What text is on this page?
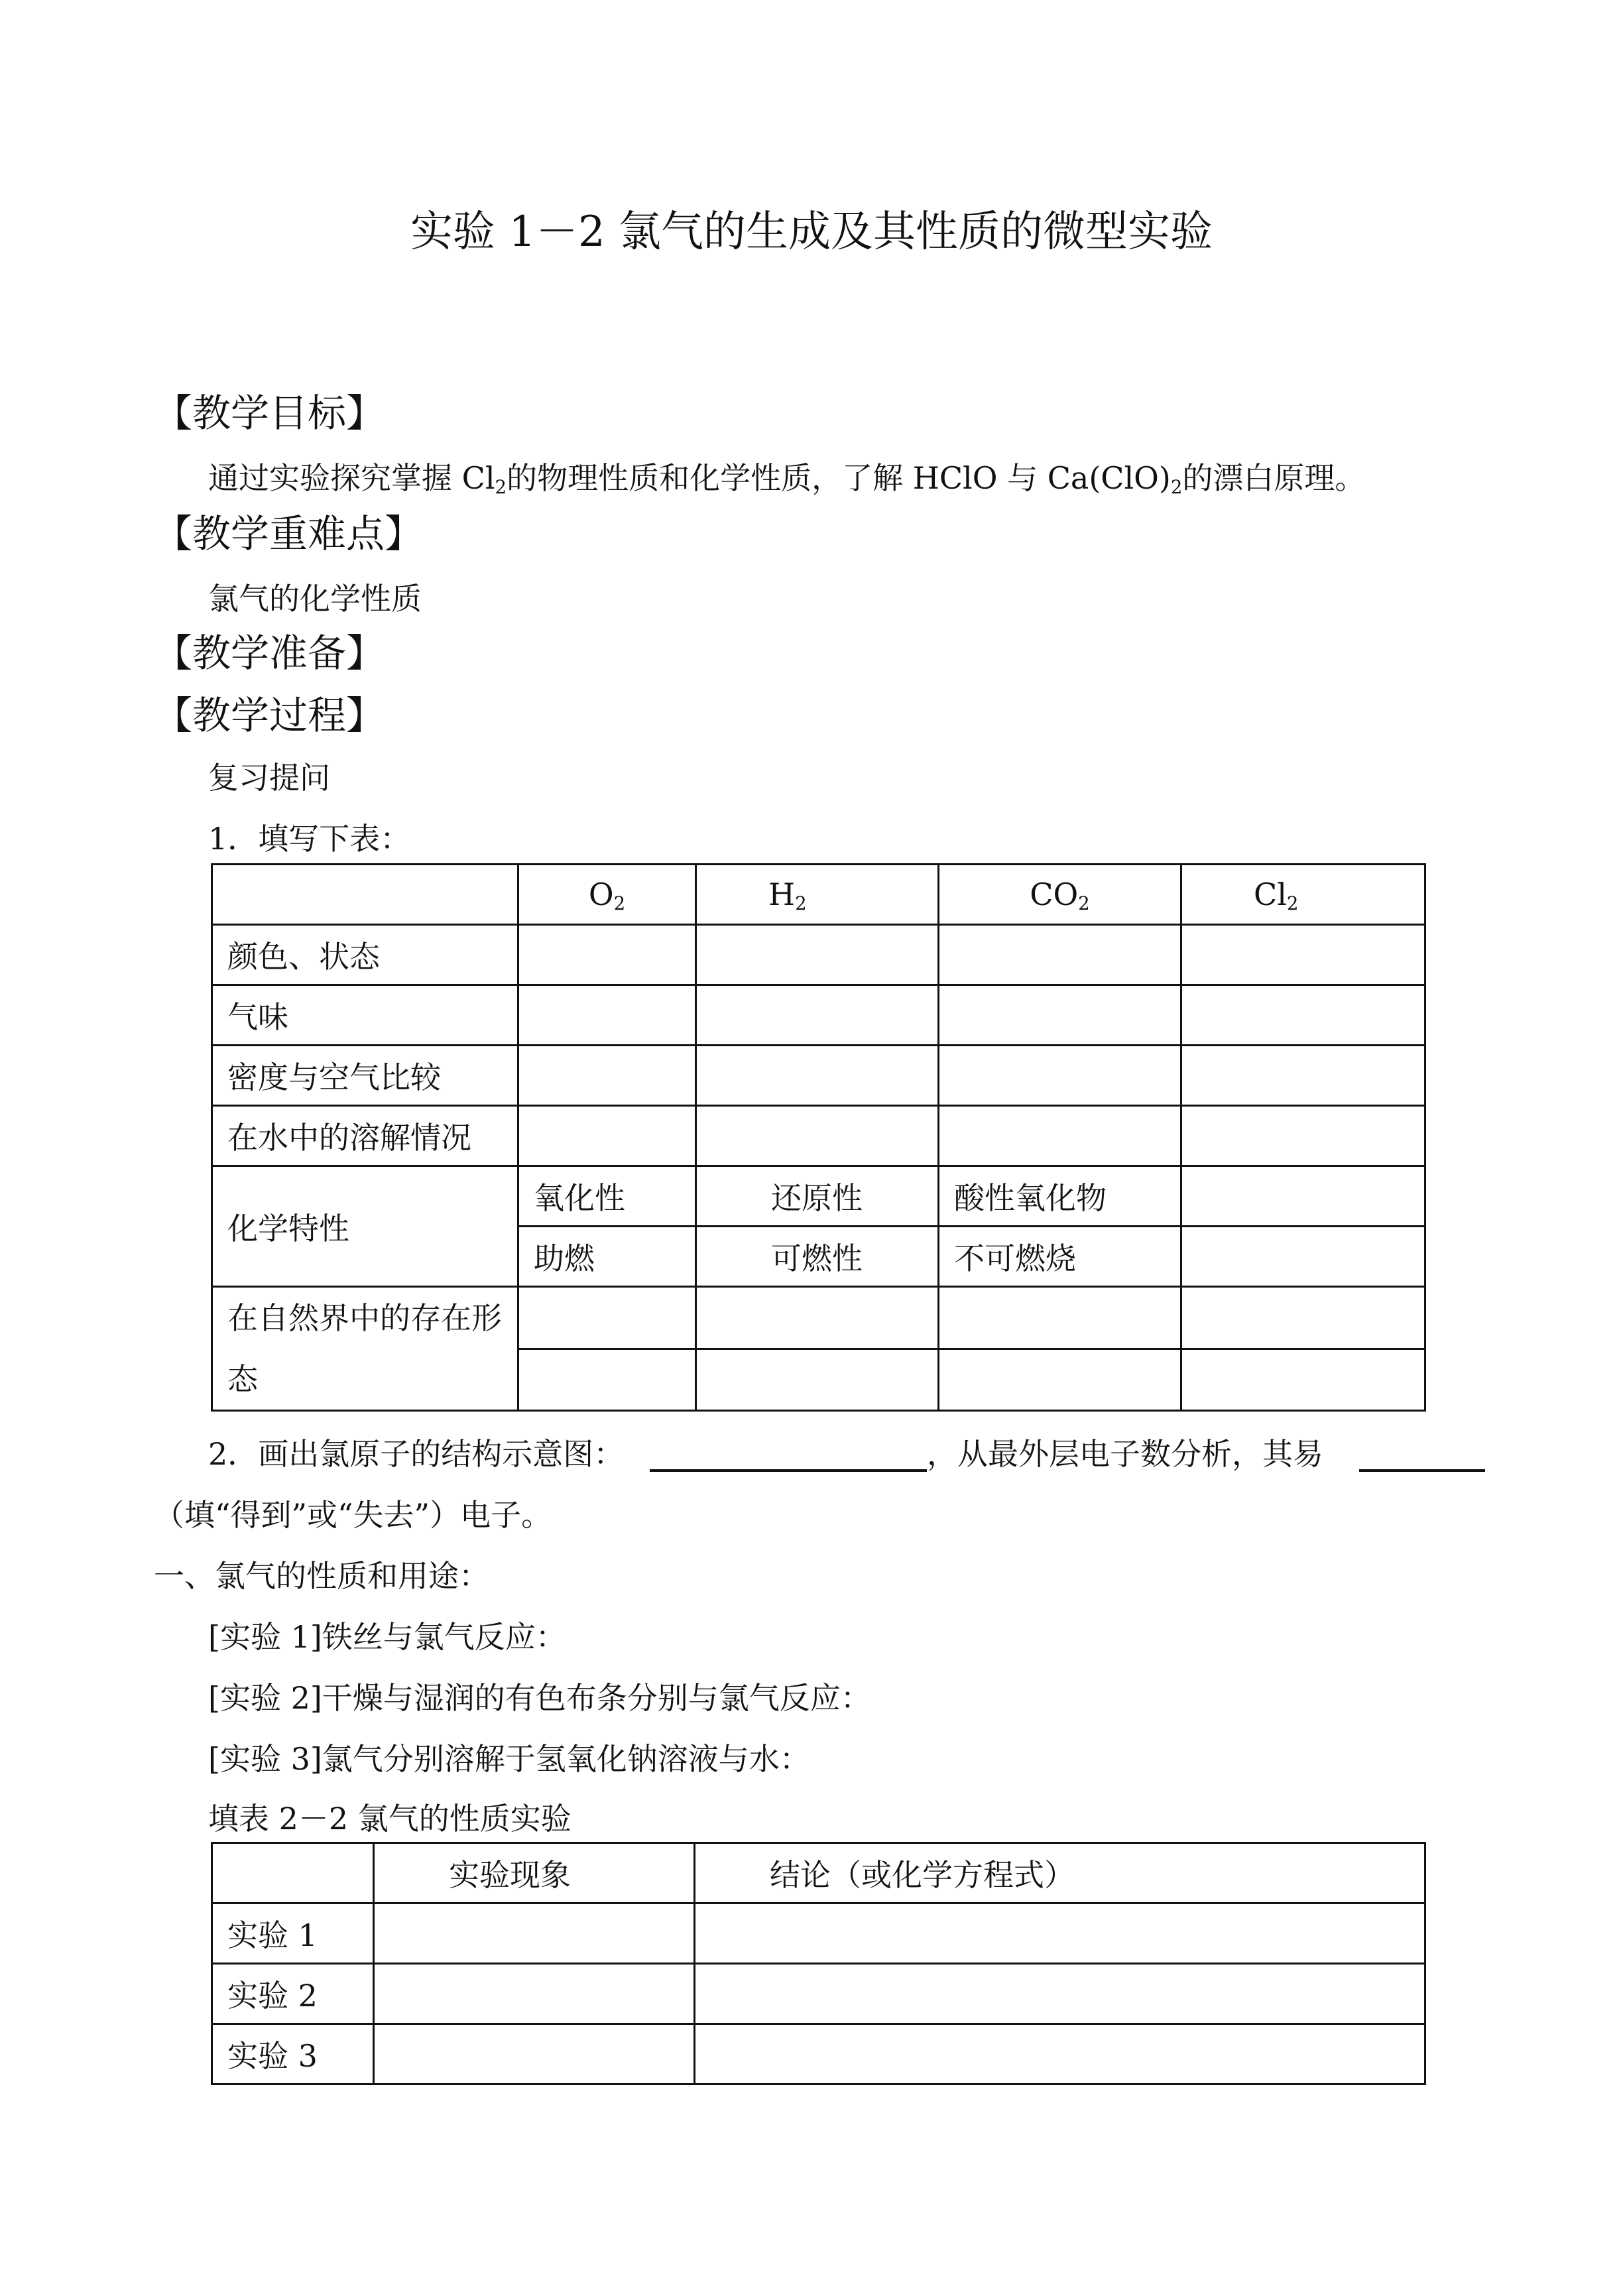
实验 1－2 氯气的生成及其性质的微型实验
【教学目标】
通过实验探究掌握 $Cl_2$的物理性质和化学性质，了解 HClO 与 $Ca(ClO)_2$的漂白原理。
【教学重难点】
氯气的化学性质
【教学准备】
【教学过程】
复习提问
1．填写下表：
	$O_2$	$H_2$	$CO_2$	$Cl_2$
颜色、状态				
气味				
密度与空气比较				
在水中的溶解情况				
化学特性	氧化性	还原性	酸性氧化物	
	助燃	可燃性	不可燃烧	
在自然界中的存在形态				

2．画出氯原子的结构示意图：	，从最外层电子数分析，其易
（填“得到”或“失去”）电子。
一、氯气的性质和用途：
[实验 1]铁丝与氯气反应：
[实验 2]干燥与湿润的有色布条分别与氯气反应：
[实验 3]氯气分别溶解于氢氧化钠溶液与水：
填表 2－2 氯气的性质实验
	实验现象	结论（或化学方程式）
实验 1		
实验 2		
实验 3		
